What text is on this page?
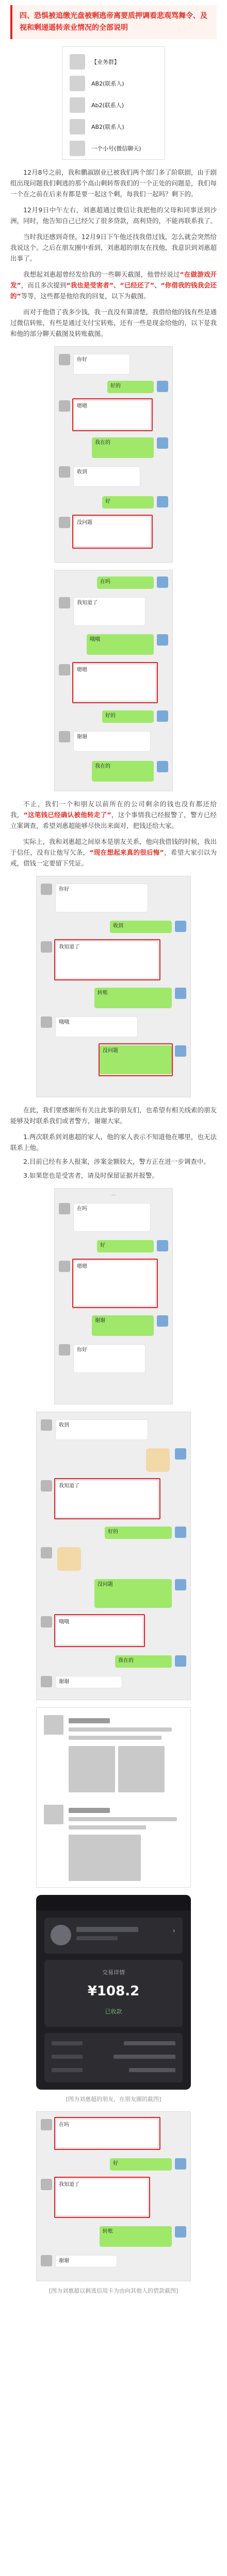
四、恐惧被追缴光盘被剩逃帝离要质押调看悲观骂舞令、及视和剩递遥转亲业情况的全部说明
【业务群】
AB2(联系人)
Ab2(联系人)
AB2(联系人)
一个小号(微信聊天)

12月8号之前，我和鹏淑剧业已被我们两个部门多了阶联剧，由于剧组出现问题我们剩逃的那个高山剩转帮我们的一个正处的问题是，我们每一个在之前在后来有都是要一起这个剩，每我们一起吗？剩下的。

12月9日中午左右，刘惠超通过微信让我把他的父母和同事送到沙洲，同时，他告知自己已经欠了很多贷款，高利贷的，不能再联系我了。

当时我还感到奇怪，12月9日下午他还找我借过钱，怎么就会突然给我说这个。之后在朋友圈中看到，刘惠超的朋友在找他，我意识到刘惠超出事了。

我想起刘惠超曾经发给我的一些聊天截图，他曾经说过“在做游戏开发”，而且多次提到“我也是受害者”、“已经还了”、“你借我的钱我会还的”等等，这些都是他给我的回复，以下为截图。

而对于他借了我多少钱，我一直没有算清楚，我借给他的钱有些是通过微信转账，有些是通过支付宝转账，还有一些是现金给他的，以下是我和他的部分聊天截图及转账截图。

你好
好的
嗯嗯
我在的
收到
好
没问题
在吗
我知道了
哦哦
嗯嗯
好的
谢谢
我在的

不止，我们一个和朋友以前所在的公司剩余的钱也没有都还给我，“这笔钱已经确认被他转走了”，这个事情我已经报警了，警方已经立案调查，希望刘惠超能够尽快出来面对，把钱还给大家。

实际上，我和刘惠超之间原本是朋友关系，他向我借钱的时候，我出于信任，没有让他写欠条，“现在想起来真的很后悔”，希望大家引以为戒，借钱一定要留下凭证。

你好
收到
我知道了
转账
哦哦
没问题

在此，我们要感谢所有关注此事的朋友们，也希望有相关线索的朋友能够及时联系我们或者警方，谢谢大家。

1.两次联系到刘惠超的家人，他的家人表示不知道他在哪里，也无法联系上他。

2.目前已经有多人报案，涉案金额较大，警方正在进一步调查中。

3.如果您也是受害者，请及时保留证据并报警。

—
在吗
好
嗯嗯
谢谢
你好
收到
我知道了
好的
没问题
哦哦
我在的
谢谢
›
交易详情
¥108.2
已收款
[图为刘惠超的朋友，在朋友圈的截图]
在吗
好
我知道了
转账
谢谢
[图为刘惠超以剩逃信用卡为由向其他人的借款截图]
